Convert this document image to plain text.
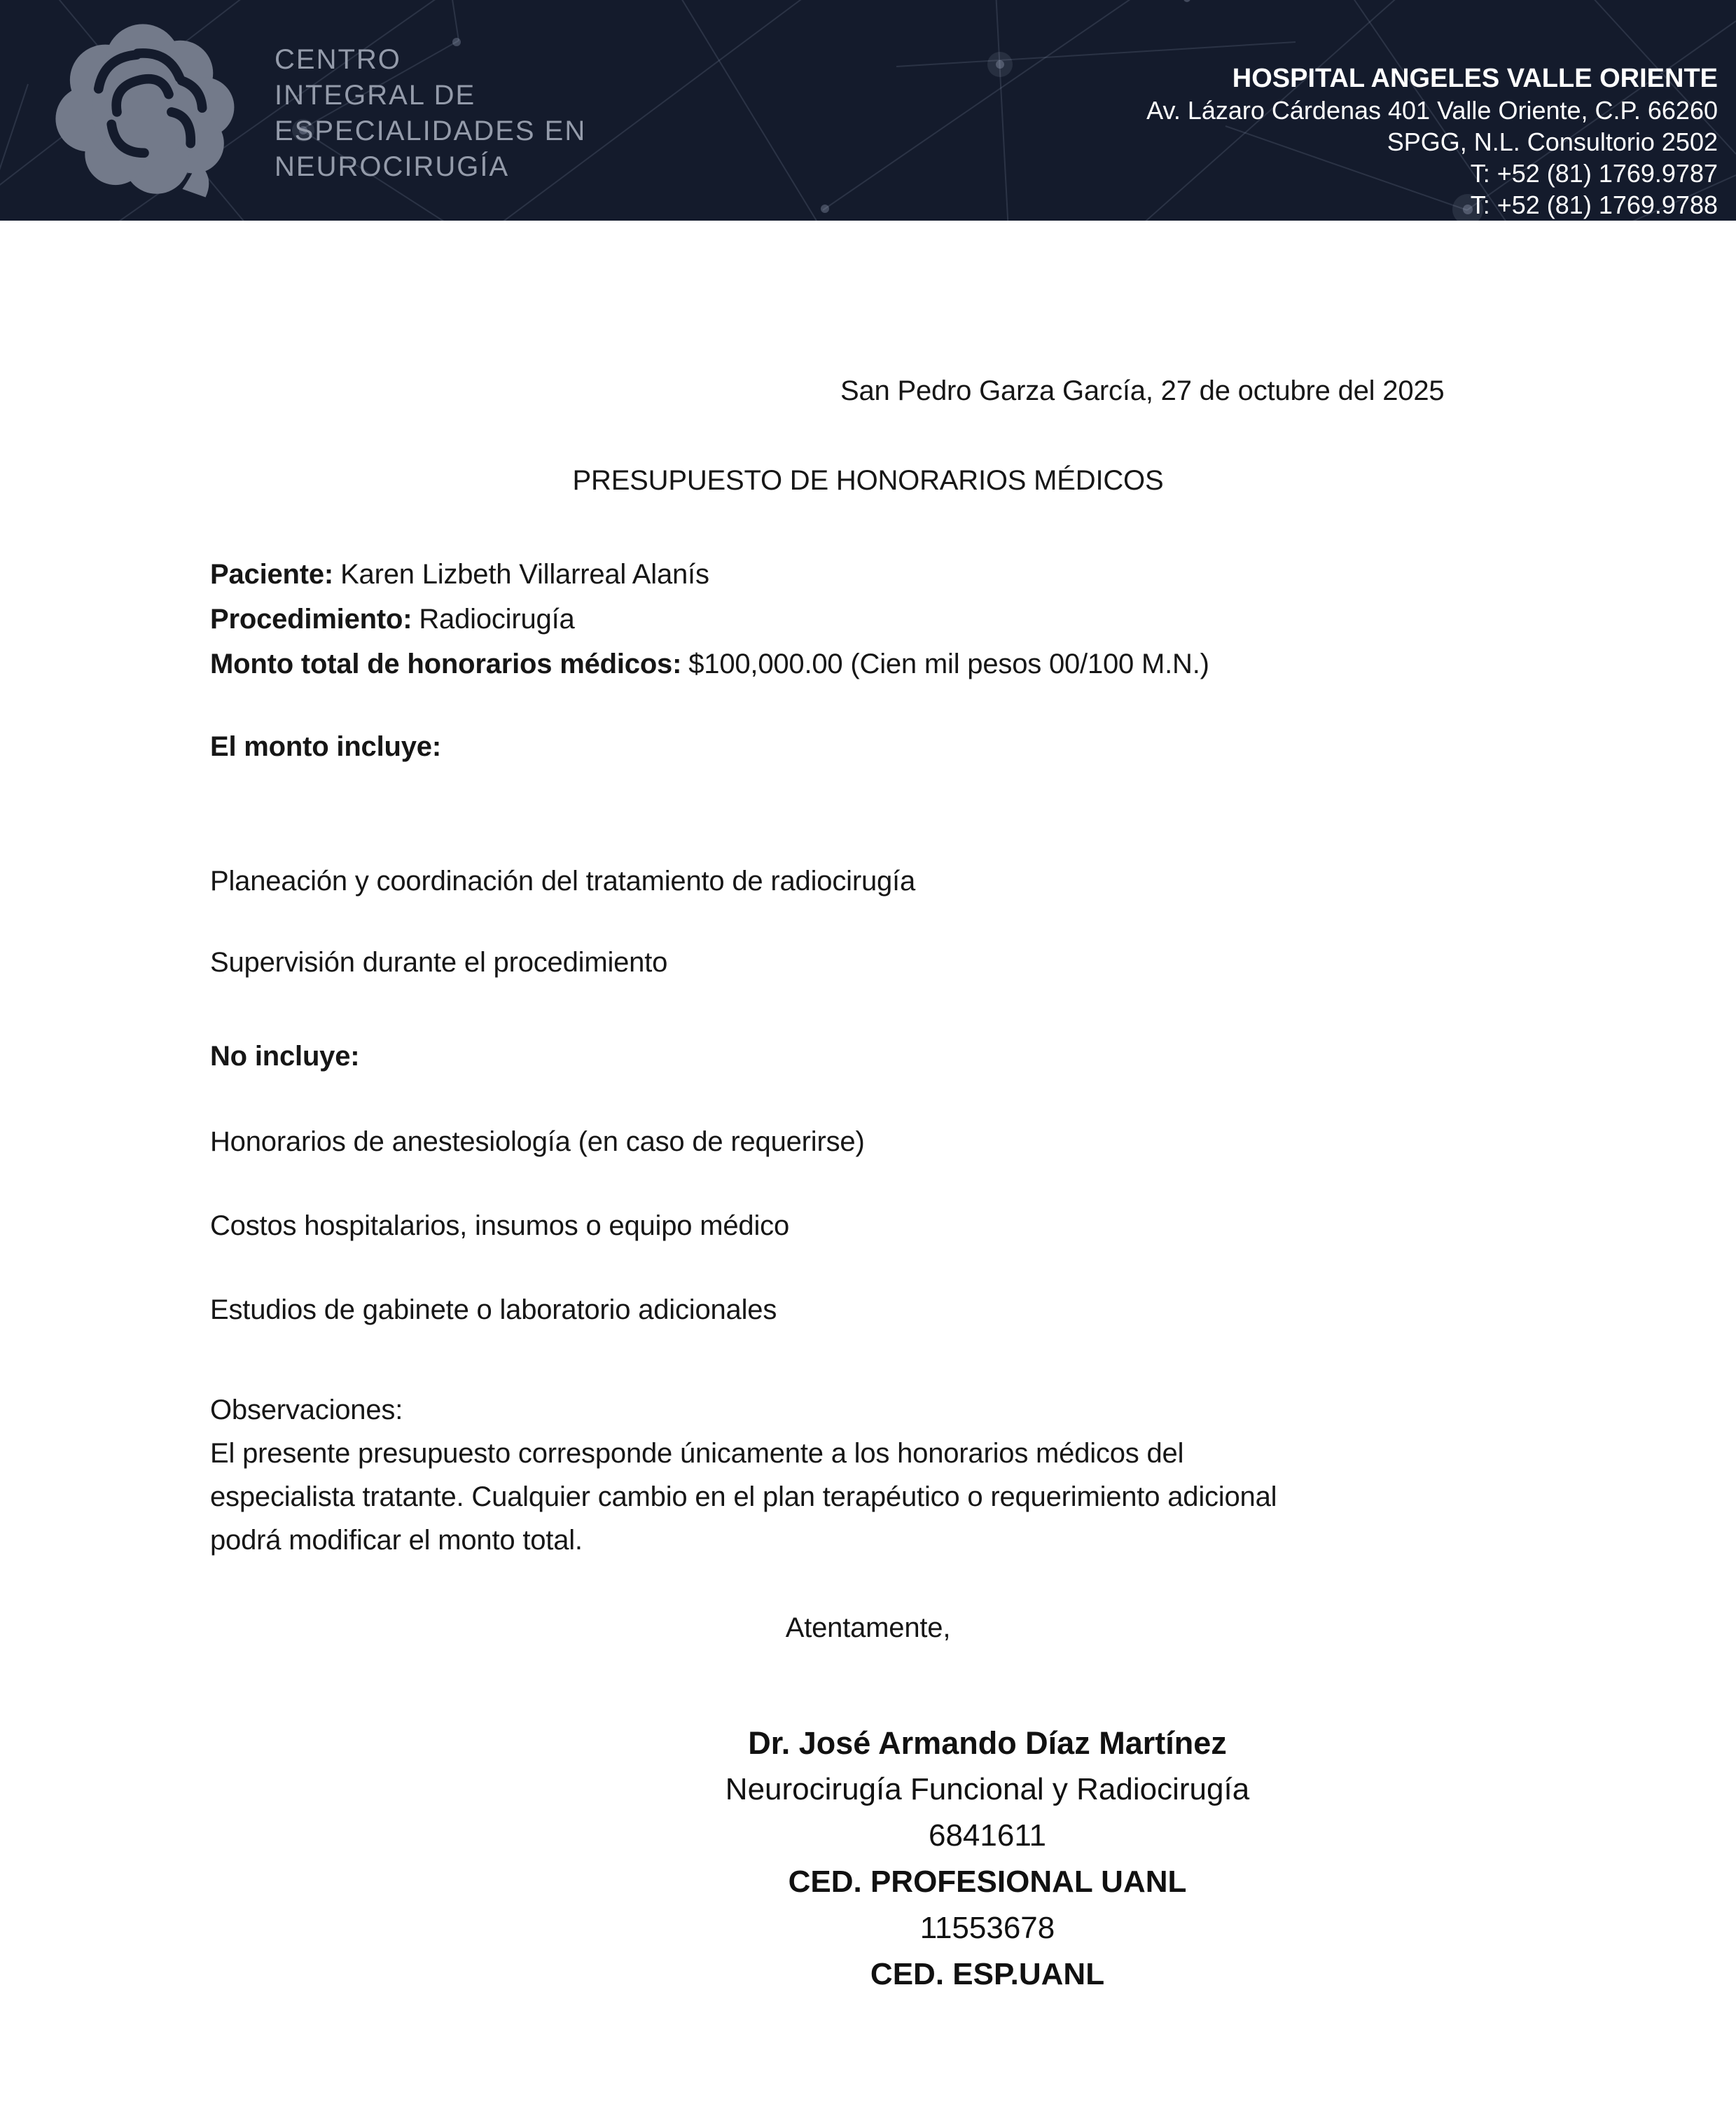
CENTRO
INTEGRAL DE
ESPECIALIDADES EN
NEUROCIRUGÍA
HOSPITAL ANGELES VALLE ORIENTE
Av. Lázaro Cárdenas 401 Valle Oriente, C.P. 66260
SPGG, N.L. Consultorio 2502
T: +52 (81) 1769.9787
T: +52 (81) 1769.9788
San Pedro Garza García, 27 de octubre del 2025
PRESUPUESTO DE HONORARIOS MÉDICOS
Paciente: Karen Lizbeth Villarreal Alanís
Procedimiento: Radiocirugía
Monto total de honorarios médicos: $100,000.00 (Cien mil pesos 00/100 M.N.)
El monto incluye:
Planeación y coordinación del tratamiento de radiocirugía
Supervisión durante el procedimiento
No incluye:
Honorarios de anestesiología (en caso de requerirse)
Costos hospitalarios, insumos o equipo médico
Estudios de gabinete o laboratorio adicionales
Observaciones:
El presente presupuesto corresponde únicamente a los honorarios médicos del
especialista tratante. Cualquier cambio en el plan terapéutico o requerimiento adicional
podrá modificar el monto total.
Atentamente,
Dr. José Armando Díaz Martínez
Neurocirugía Funcional y Radiocirugía
6841611
CED. PROFESIONAL UANL
11553678
CED. ESP.UANL
